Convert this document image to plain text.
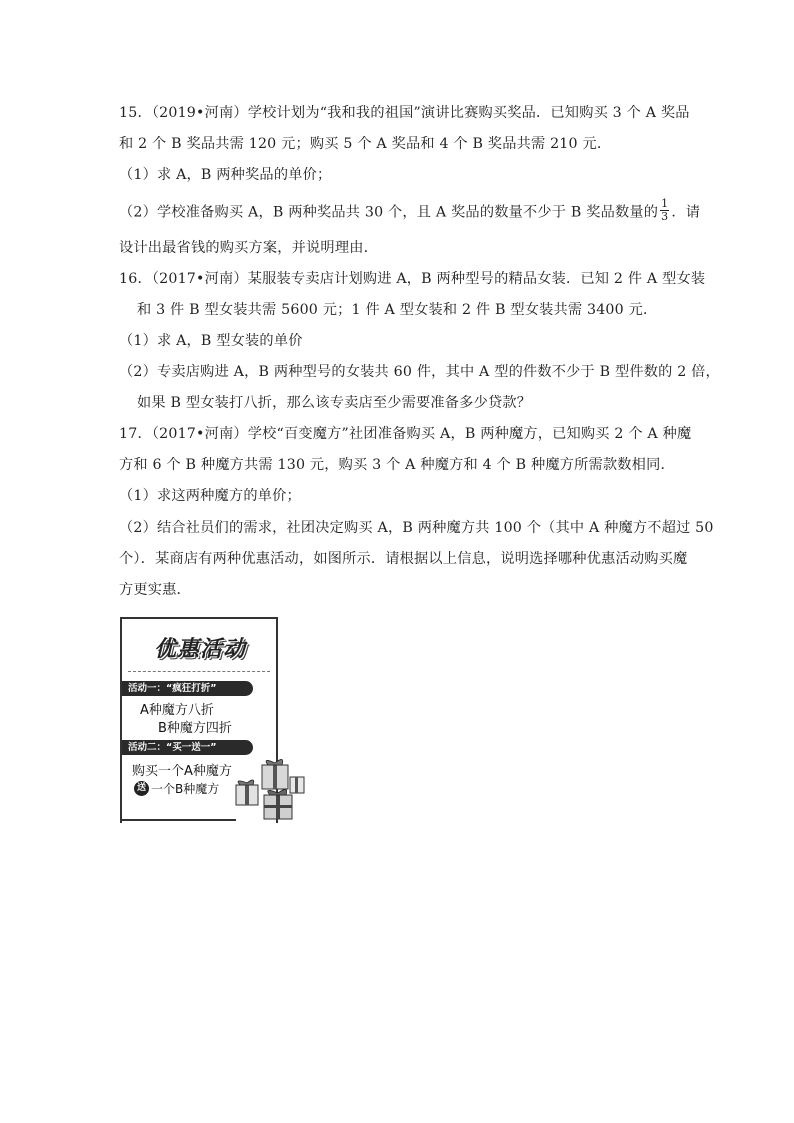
15．（2019•河南）学校计划为“我和我的祖国”演讲比赛购买奖品．已知购买 3 个 A 奖品
和 2 个 B 奖品共需 120 元；购买 5 个 A 奖品和 4 个 B 奖品共需 210 元．
（1）求 A，B 两种奖品的单价；
（2）学校准备购买 A，B 两种奖品共 30 个，且 A 奖品的数量不少于 B 奖品数量的 $\frac{1}{3}$ ．请
设计出最省钱的购买方案，并说明理由．
16．（2017•河南）某服装专卖店计划购进 A，B 两种型号的精品女装．已知 2 件 A 型女装
和 3 件 B 型女装共需 5600 元；1 件 A 型女装和 2 件 B 型女装共需 3400 元．
（1）求 A，B 型女装的单价
（2）专卖店购进 A，B 两种型号的女装共 60 件，其中 A 型的件数不少于 B 型件数的 2 倍，
如果 B 型女装打八折，那么该专卖店至少需要准备多少贷款？
17．（2017•河南）学校“百变魔方”社团准备购买 A，B 两种魔方，已知购买 2 个 A 种魔
方和 6 个 B 种魔方共需 130 元，购买 3 个 A 种魔方和 4 个 B 种魔方所需款数相同．
（1）求这两种魔方的单价；
（2）结合社员们的需求，社团决定购买 A，B 两种魔方共 100 个（其中 A 种魔方不超过 50
个）．某商店有两种优惠活动，如图所示．请根据以上信息，说明选择哪种优惠活动购买魔
方更实惠．
优惠活动
活动一：“疯狂打折”
A种魔方八折
B种魔方四折
活动二：“买一送一”
购买一个A种魔方
送 一个B种魔方
